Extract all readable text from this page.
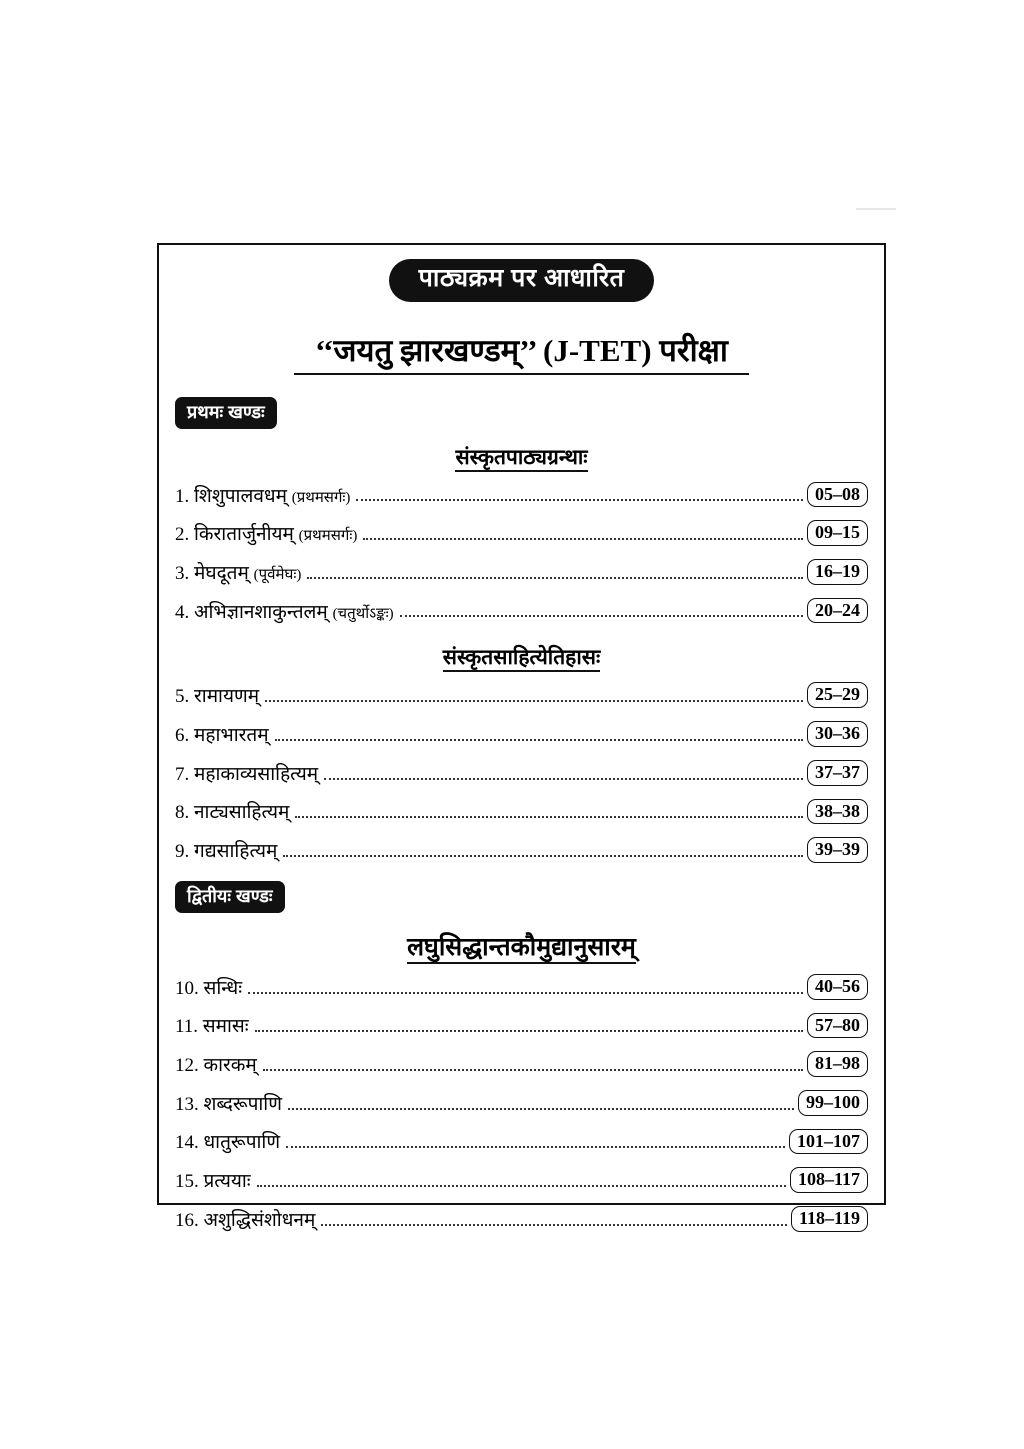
पाठ्यक्रम पर आधारित
‘‘जयतु झारखण्डम्’’ (J-TET) परीक्षा
प्रथमः खण्डः
संस्कृतपाठ्यग्रन्थाः
1. शिशुपालवधम् (प्रथमसर्गः)	05–08
2. किरातार्जुनीयम् (प्रथमसर्गः)	09–15
3. मेघदूतम् (पूर्वमेघः)	16–19
4. अभिज्ञानशाकुन्तलम् (चतुर्थोऽङ्कः)	20–24
संस्कृतसाहित्येतिहासः
5. रामायणम्	25–29
6. महाभारतम्	30–36
7. महाकाव्यसाहित्यम्	37–37
8. नाट्यसाहित्यम्	38–38
9. गद्यसाहित्यम्	39–39
द्वितीयः खण्डः
लघुसिद्धान्तकौमुद्यानुसारम्
10. सन्धिः	40–56
11. समासः	57–80
12. कारकम्	81–98
13. शब्दरूपाणि	99–100
14. धातुरूपाणि	101–107
15. प्रत्ययाः	108–117
16. अशुद्धिसंशोधनम्	118–119
